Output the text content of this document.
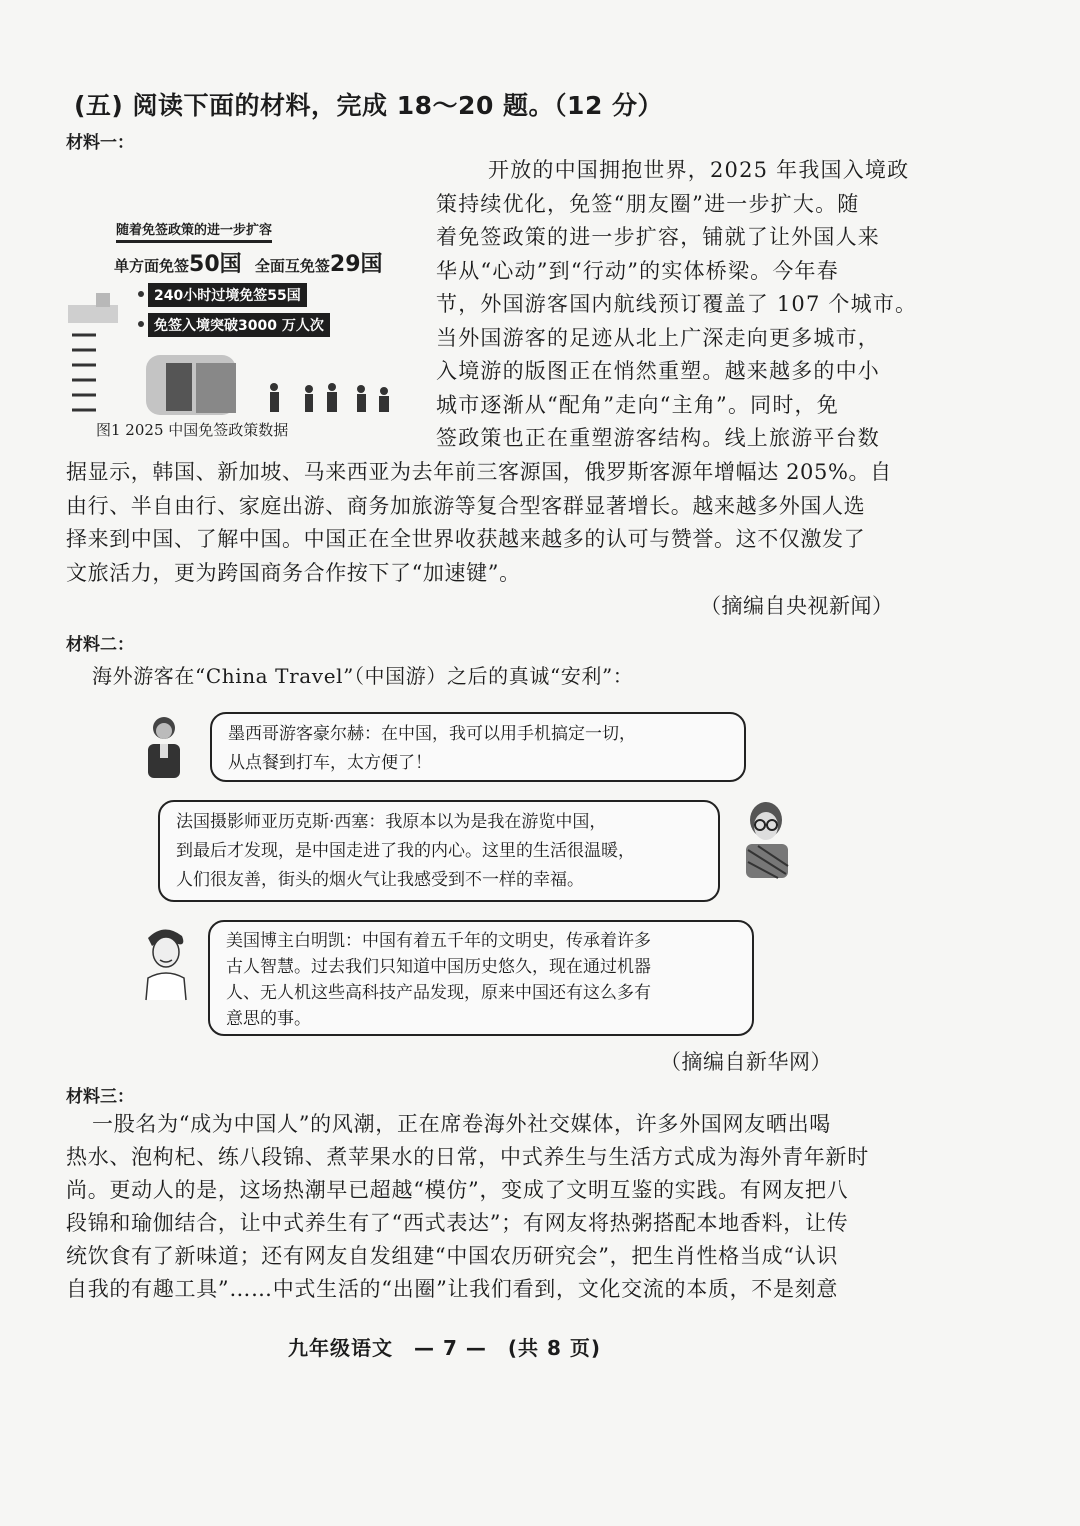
(五) 阅读下面的材料，完成 18～20 题。（12 分）
材料一：
随着免签政策的进一步扩容
单方面免签50国 全面互免签29国
240小时过境免签55国
免签入境突破3000 万人次
图1 2025 中国免签政策数据
开放的中国拥抱世界，2025 年我国入境政
策持续优化，免签“朋友圈”进一步扩大。随
着免签政策的进一步扩容，铺就了让外国人来
华从“心动”到“行动”的实体桥梁。今年春
节，外国游客国内航线预订覆盖了 107 个城市。
当外国游客的足迹从北上广深走向更多城市，
入境游的版图正在悄然重塑。越来越多的中小
城市逐渐从“配角”走向“主角”。同时，免
签政策也正在重塑游客结构。线上旅游平台数
据显示，韩国、新加坡、马来西亚为去年前三客源国，俄罗斯客源年增幅达 205%。自
由行、半自由行、家庭出游、商务加旅游等复合型客群显著增长。越来越多外国人选
择来到中国、了解中国。中国正在全世界收获越来越多的认可与赞誉。这不仅激发了
文旅活力，更为跨国商务合作按下了“加速键”。
（摘编自央视新闻）
材料二：
海外游客在“China Travel”（中国游）之后的真诚“安利”：
墨西哥游客豪尔赫：在中国，我可以用手机搞定一切，
从点餐到打车，太方便了！
法国摄影师亚历克斯·西塞：我原本以为是我在游览中国，
到最后才发现，是中国走进了我的内心。这里的生活很温暖，
人们很友善，街头的烟火气让我感受到不一样的幸福。
美国博主白明凯：中国有着五千年的文明史，传承着许多
古人智慧。过去我们只知道中国历史悠久，现在通过机器
人、无人机这些高科技产品发现，原来中国还有这么多有
意思的事。
（摘编自新华网）
材料三：
一股名为“成为中国人”的风潮，正在席卷海外社交媒体，许多外国网友晒出喝
热水、泡枸杞、练八段锦、煮苹果水的日常，中式养生与生活方式成为海外青年新时
尚。更动人的是，这场热潮早已超越“模仿”，变成了文明互鉴的实践。有网友把八
段锦和瑜伽结合，让中式养生有了“西式表达”；有网友将热粥搭配本地香料，让传
统饮食有了新味道；还有网友自发组建“中国农历研究会”，把生肖性格当成“认识
自我的有趣工具”……中式生活的“出圈”让我们看到，文化交流的本质，不是刻意
九年级语文　— 7 —　(共 8 页)
